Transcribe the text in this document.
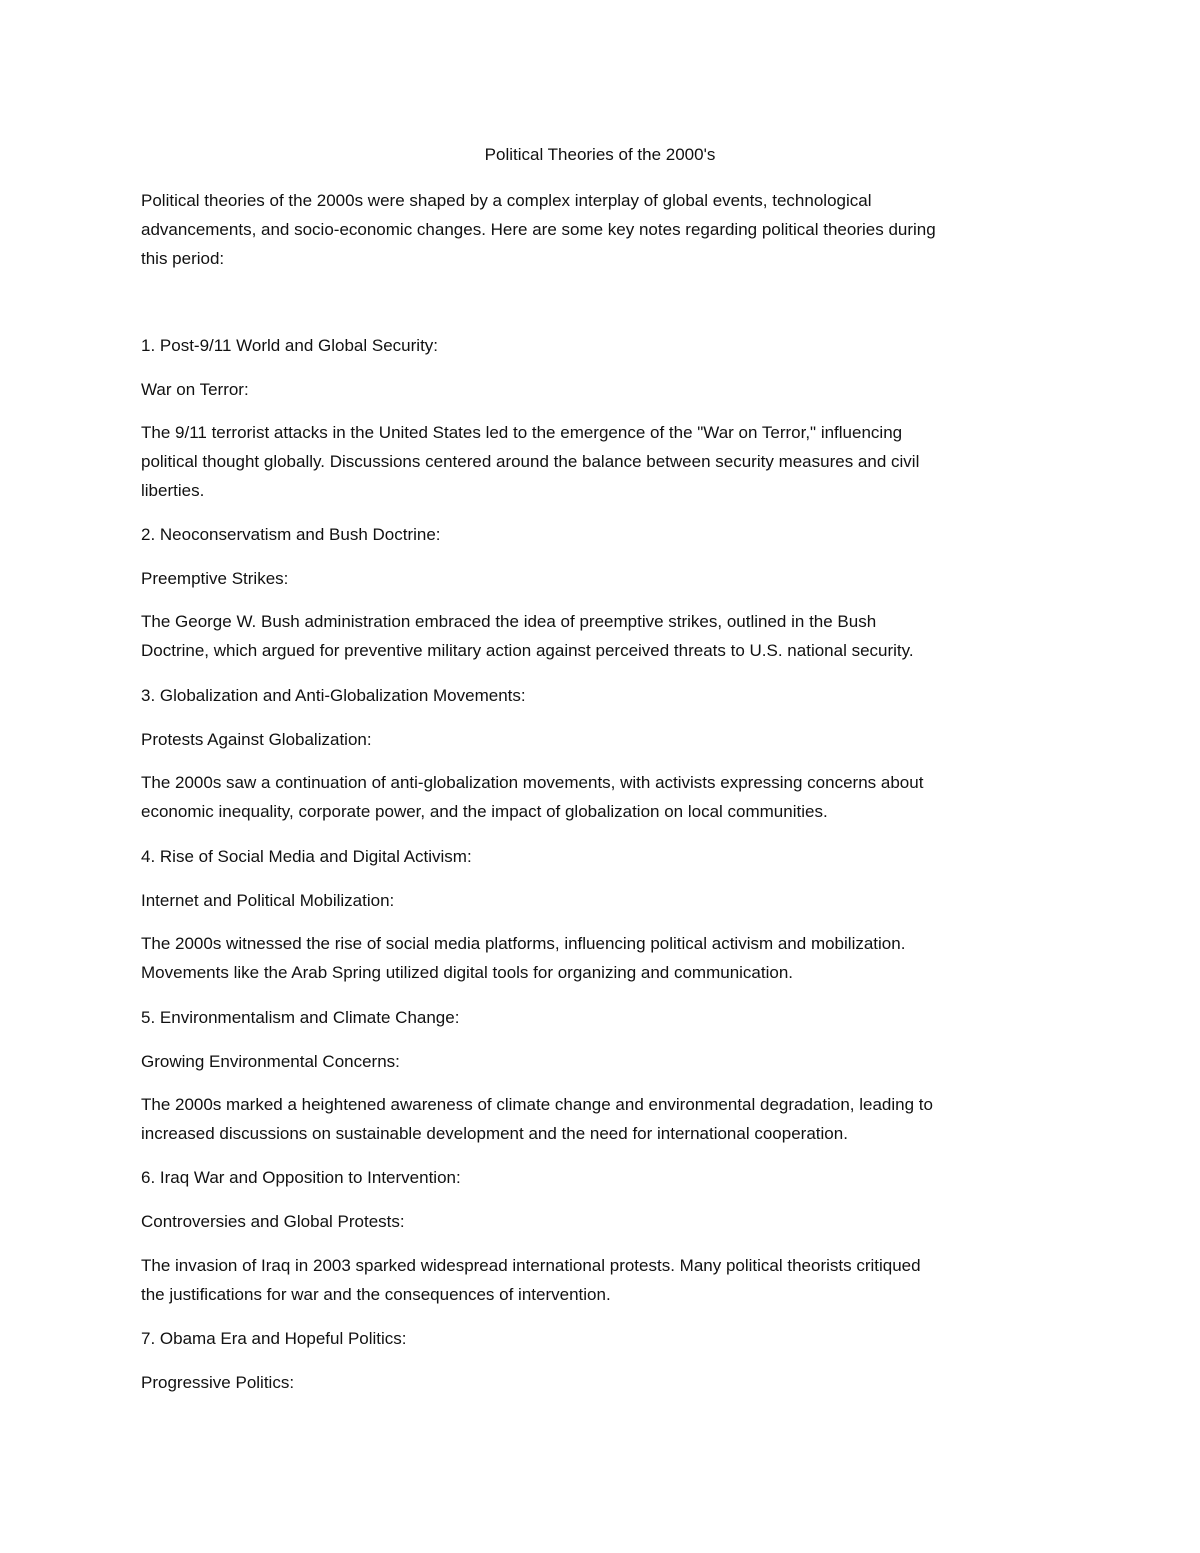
Political Theories of the 2000's
Political theories of the 2000s were shaped by a complex interplay of global events, technological
advancements, and socio-economic changes. Here are some key notes regarding political theories during
this period:
1. Post-9/11 World and Global Security:
War on Terror:
The 9/11 terrorist attacks in the United States led to the emergence of the "War on Terror," influencing
political thought globally. Discussions centered around the balance between security measures and civil
liberties.
2. Neoconservatism and Bush Doctrine:
Preemptive Strikes:
The George W. Bush administration embraced the idea of preemptive strikes, outlined in the Bush
Doctrine, which argued for preventive military action against perceived threats to U.S. national security.
3. Globalization and Anti-Globalization Movements:
Protests Against Globalization:
The 2000s saw a continuation of anti-globalization movements, with activists expressing concerns about
economic inequality, corporate power, and the impact of globalization on local communities.
4. Rise of Social Media and Digital Activism:
Internet and Political Mobilization:
The 2000s witnessed the rise of social media platforms, influencing political activism and mobilization.
Movements like the Arab Spring utilized digital tools for organizing and communication.
5. Environmentalism and Climate Change:
Growing Environmental Concerns:
The 2000s marked a heightened awareness of climate change and environmental degradation, leading to
increased discussions on sustainable development and the need for international cooperation.
6. Iraq War and Opposition to Intervention:
Controversies and Global Protests:
The invasion of Iraq in 2003 sparked widespread international protests. Many political theorists critiqued
the justifications for war and the consequences of intervention.
7. Obama Era and Hopeful Politics:
Progressive Politics:
